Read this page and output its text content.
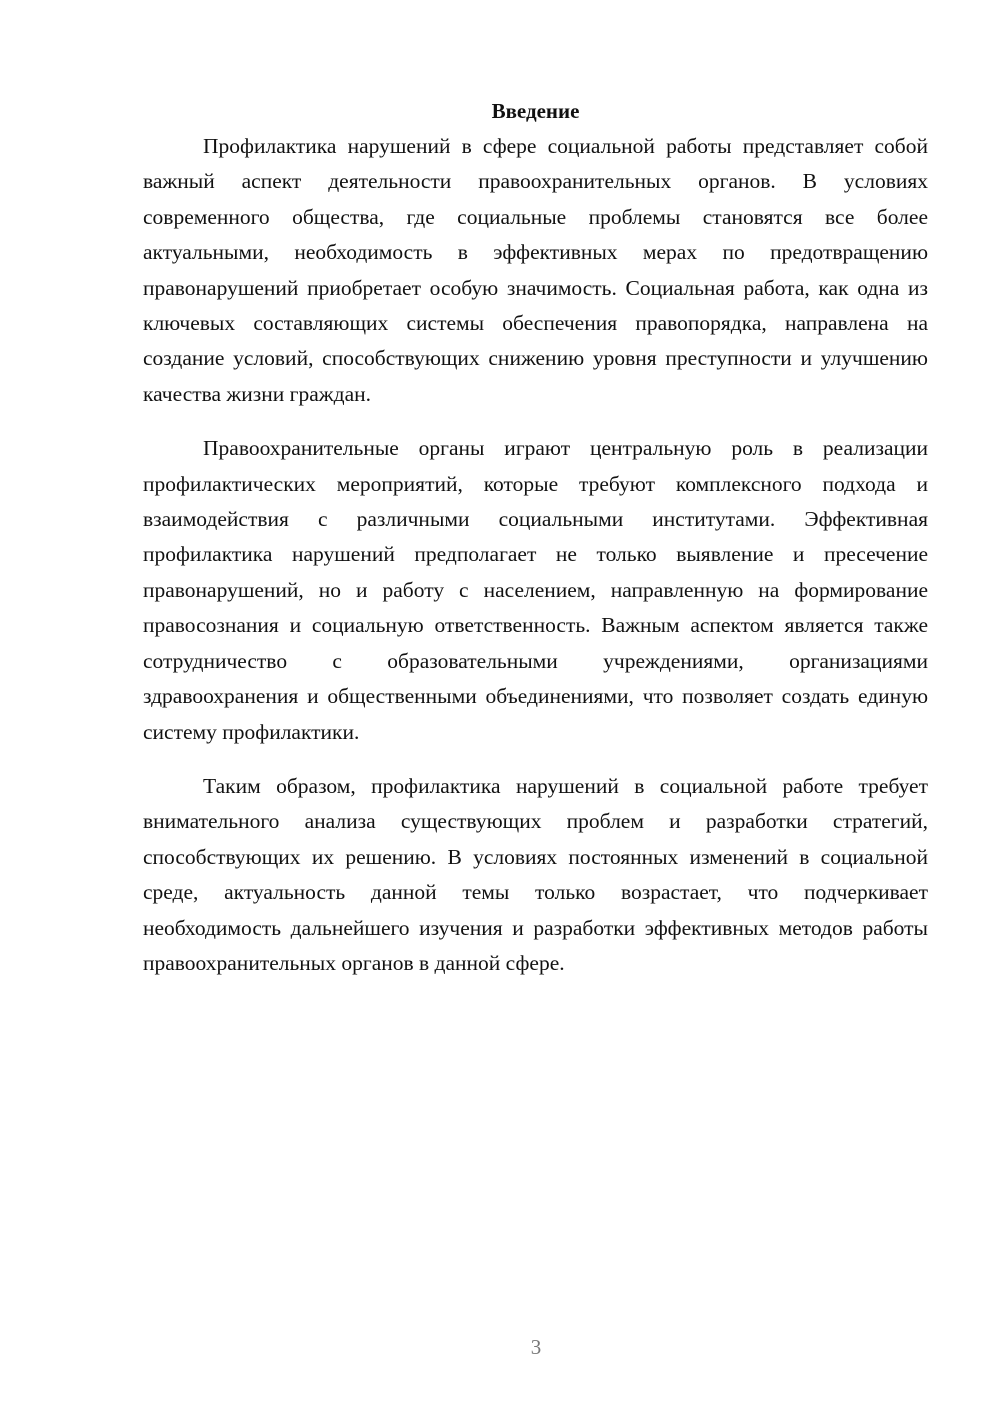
Введение

Профилактика нарушений в сфере социальной работы представляет собой важный аспект деятельности правоохранительных органов. В условиях современного общества, где социальные проблемы становятся все более актуальными, необходимость в эффективных мерах по предотвращению правонарушений приобретает особую значимость. Социальная работа, как одна из ключевых составляющих системы обеспечения правопорядка, направлена на создание условий, способствующих снижению уровня преступности и улучшению качества жизни граждан.

Правоохранительные органы играют центральную роль в реализации профилактических мероприятий, которые требуют комплексного подхода и взаимодействия с различными социальными институтами. Эффективная профилактика нарушений предполагает не только выявление и пресечение правонарушений, но и работу с населением, направленную на формирование правосознания и социальную ответственность. Важным аспектом является также сотрудничество с образовательными учреждениями, организациями здравоохранения и общественными объединениями, что позволяет создать единую систему профилактики.

Таким образом, профилактика нарушений в социальной работе требует внимательного анализа существующих проблем и разработки стратегий, способствующих их решению. В условиях постоянных изменений в социальной среде, актуальность данной темы только возрастает, что подчеркивает необходимость дальнейшего изучения и разработки эффективных методов работы правоохранительных органов в данной сфере.

3
